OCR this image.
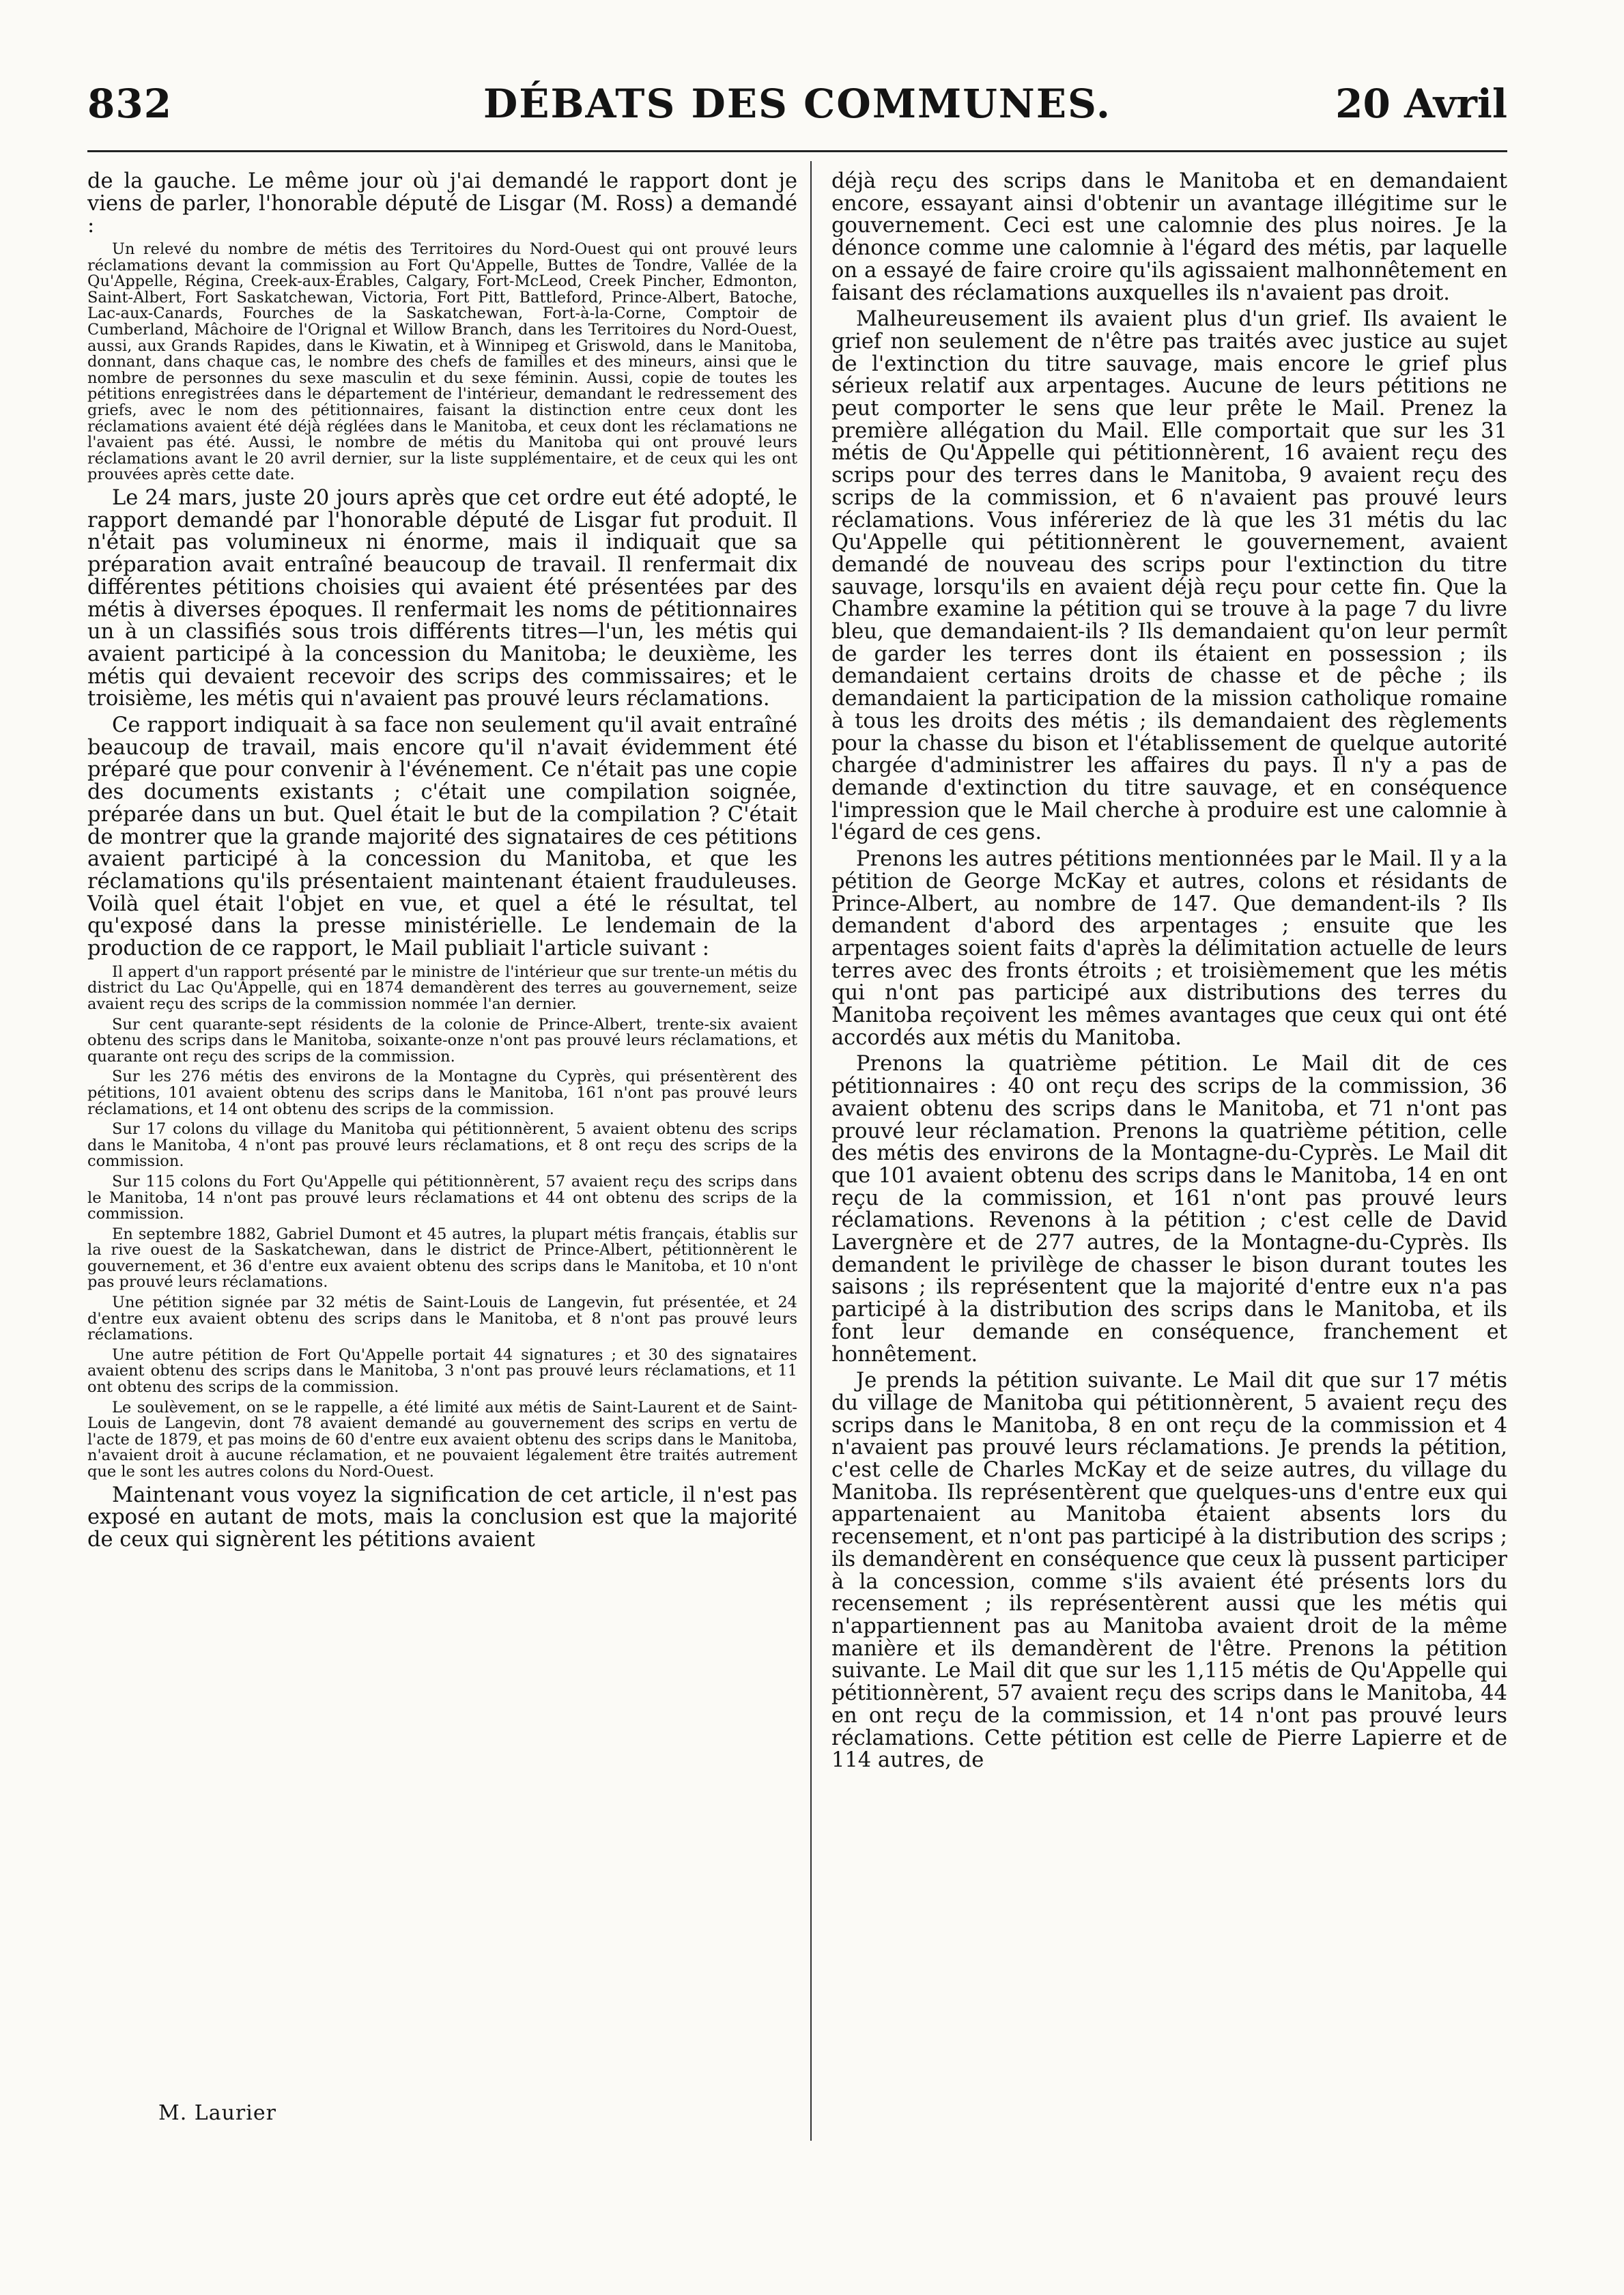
832	DÉBATS DES COMMUNES.	20 Avril

de la gauche. Le même jour où j'ai demandé le rapport dont je viens de parler, l'honorable député de Lisgar (M. Ross) a demandé :

Un relevé du nombre de métis des Territoires du Nord-Ouest qui ont prouvé leurs réclamations devant la commission au Fort Qu'Appelle, Buttes de Tondre, Vallée de la Qu'Appelle, Régina, Creek-aux-Érables, Calgary, Fort-McLeod, Creek Pincher, Edmonton, Saint-Albert, Fort Saskatchewan, Victoria, Fort Pitt, Battleford, Prince-Albert, Batoche, Lac-aux-Canards, Fourches de la Saskatchewan, Fort-à-la-Corne, Comptoir de Cumberland, Mâchoire de l'Orignal et Willow Branch, dans les Territoires du Nord-Ouest, aussi, aux Grands Rapides, dans le Kiwatin, et à Winnipeg et Griswold, dans le Manitoba, donnant, dans chaque cas, le nombre des chefs de familles et des mineurs, ainsi que le nombre de personnes du sexe masculin et du sexe féminin. Aussi, copie de toutes les pétitions enregistrées dans le département de l'intérieur, demandant le redressement des griefs, avec le nom des pétitionnaires, faisant la distinction entre ceux dont les réclamations avaient été déjà réglées dans le Manitoba, et ceux dont les réclamations ne l'avaient pas été. Aussi, le nombre de métis du Manitoba qui ont prouvé leurs réclamations avant le 20 avril dernier, sur la liste supplémentaire, et de ceux qui les ont prouvées après cette date.

Le 24 mars, juste 20 jours après que cet ordre eut été adopté, le rapport demandé par l'honorable député de Lisgar fut produit. Il n'était pas volumineux ni énorme, mais il indiquait que sa préparation avait entraîné beaucoup de travail. Il renfermait dix différentes pétitions choisies qui avaient été présentées par des métis à diverses époques. Il renfermait les noms de pétitionnaires un à un classifiés sous trois différents titres—l'un, les métis qui avaient participé à la concession du Manitoba; le deuxième, les métis qui devaient recevoir des scrips des commissaires; et le troisième, les métis qui n'avaient pas prouvé leurs réclamations.

Ce rapport indiquait à sa face non seulement qu'il avait entraîné beaucoup de travail, mais encore qu'il n'avait évidemment été préparé que pour convenir à l'événement. Ce n'était pas une copie des documents existants ; c'était une compilation soignée, préparée dans un but. Quel était le but de la compilation ? C'était de montrer que la grande majorité des signataires de ces pétitions avaient participé à la concession du Manitoba, et que les réclamations qu'ils présentaient maintenant étaient frauduleuses. Voilà quel était l'objet en vue, et quel a été le résultat, tel qu'exposé dans la presse ministérielle. Le lendemain de la production de ce rapport, le Mail publiait l'article suivant :

Il appert d'un rapport présenté par le ministre de l'intérieur que sur trente-un métis du district du Lac Qu'Appelle, qui en 1874 demandèrent des terres au gouvernement, seize avaient reçu des scrips de la commission nommée l'an dernier.

Sur cent quarante-sept résidents de la colonie de Prince-Albert, trente-six avaient obtenu des scrips dans le Manitoba, soixante-onze n'ont pas prouvé leurs réclamations, et quarante ont reçu des scrips de la commission.

Sur les 276 métis des environs de la Montagne du Cyprès, qui présentèrent des pétitions, 101 avaient obtenu des scrips dans le Manitoba, 161 n'ont pas prouvé leurs réclamations, et 14 ont obtenu des scrips de la commission.

Sur 17 colons du village du Manitoba qui pétitionnèrent, 5 avaient obtenu des scrips dans le Manitoba, 4 n'ont pas prouvé leurs réclamations, et 8 ont reçu des scrips de la commission.

Sur 115 colons du Fort Qu'Appelle qui pétitionnèrent, 57 avaient reçu des scrips dans le Manitoba, 14 n'ont pas prouvé leurs réclamations et 44 ont obtenu des scrips de la commission.

En septembre 1882, Gabriel Dumont et 45 autres, la plupart métis français, établis sur la rive ouest de la Saskatchewan, dans le district de Prince-Albert, pétitionnèrent le gouvernement, et 36 d'entre eux avaient obtenu des scrips dans le Manitoba, et 10 n'ont pas prouvé leurs réclamations.

Une pétition signée par 32 métis de Saint-Louis de Langevin, fut présentée, et 24 d'entre eux avaient obtenu des scrips dans le Manitoba, et 8 n'ont pas prouvé leurs réclamations.

Une autre pétition de Fort Qu'Appelle portait 44 signatures ; et 30 des signataires avaient obtenu des scrips dans le Manitoba, 3 n'ont pas prouvé leurs réclamations, et 11 ont obtenu des scrips de la commission.

Le soulèvement, on se le rappelle, a été limité aux métis de Saint-Laurent et de Saint-Louis de Langevin, dont 78 avaient demandé au gouvernement des scrips en vertu de l'acte de 1879, et pas moins de 60 d'entre eux avaient obtenu des scrips dans le Manitoba, n'avaient droit à aucune réclamation, et ne pouvaient légalement être traités autrement que le sont les autres colons du Nord-Ouest.

Maintenant vous voyez la signification de cet article, il n'est pas exposé en autant de mots, mais la conclusion est que la majorité de ceux qui signèrent les pétitions avaient

déjà reçu des scrips dans le Manitoba et en demandaient encore, essayant ainsi d'obtenir un avantage illégitime sur le gouvernement. Ceci est une calomnie des plus noires. Je la dénonce comme une calomnie à l'égard des métis, par laquelle on a essayé de faire croire qu'ils agissaient malhonnêtement en faisant des réclamations auxquelles ils n'avaient pas droit.

Malheureusement ils avaient plus d'un grief. Ils avaient le grief non seulement de n'être pas traités avec justice au sujet de l'extinction du titre sauvage, mais encore le grief plus sérieux relatif aux arpentages. Aucune de leurs pétitions ne peut comporter le sens que leur prête le Mail. Prenez la première allégation du Mail. Elle comportait que sur les 31 métis de Qu'Appelle qui pétitionnèrent, 16 avaient reçu des scrips pour des terres dans le Manitoba, 9 avaient reçu des scrips de la commission, et 6 n'avaient pas prouvé leurs réclamations. Vous inféreriez de là que les 31 métis du lac Qu'Appelle qui pétitionnèrent le gouvernement, avaient demandé de nouveau des scrips pour l'extinction du titre sauvage, lorsqu'ils en avaient déjà reçu pour cette fin. Que la Chambre examine la pétition qui se trouve à la page 7 du livre bleu, que demandaient-ils ? Ils demandaient qu'on leur permît de garder les terres dont ils étaient en possession ; ils demandaient certains droits de chasse et de pêche ; ils demandaient la participation de la mission catholique romaine à tous les droits des métis ; ils demandaient des règlements pour la chasse du bison et l'établissement de quelque autorité chargée d'administrer les affaires du pays. Il n'y a pas de demande d'extinction du titre sauvage, et en conséquence l'impression que le Mail cherche à produire est une calomnie à l'égard de ces gens.

Prenons les autres pétitions mentionnées par le Mail. Il y a la pétition de George McKay et autres, colons et résidants de Prince-Albert, au nombre de 147. Que demandent-ils ? Ils demandent d'abord des arpentages ; ensuite que les arpentages soient faits d'après la délimitation actuelle de leurs terres avec des fronts étroits ; et troisièmement que les métis qui n'ont pas participé aux distributions des terres du Manitoba reçoivent les mêmes avantages que ceux qui ont été accordés aux métis du Manitoba.

Prenons la quatrième pétition. Le Mail dit de ces pétitionnaires : 40 ont reçu des scrips de la commission, 36 avaient obtenu des scrips dans le Manitoba, et 71 n'ont pas prouvé leur réclamation. Prenons la quatrième pétition, celle des métis des environs de la Montagne-du-Cyprès. Le Mail dit que 101 avaient obtenu des scrips dans le Manitoba, 14 en ont reçu de la commission, et 161 n'ont pas prouvé leurs réclamations. Revenons à la pétition ; c'est celle de David Lavergnère et de 277 autres, de la Montagne-du-Cyprès. Ils demandent le privilège de chasser le bison durant toutes les saisons ; ils représentent que la majorité d'entre eux n'a pas participé à la distribution des scrips dans le Manitoba, et ils font leur demande en conséquence, franchement et honnêtement.

Je prends la pétition suivante. Le Mail dit que sur 17 métis du village de Manitoba qui pétitionnèrent, 5 avaient reçu des scrips dans le Manitoba, 8 en ont reçu de la commission et 4 n'avaient pas prouvé leurs réclamations. Je prends la pétition, c'est celle de Charles McKay et de seize autres, du village du Manitoba. Ils représentèrent que quelques-uns d'entre eux qui appartenaient au Manitoba étaient absents lors du recensement, et n'ont pas participé à la distribution des scrips ; ils demandèrent en conséquence que ceux là pussent participer à la concession, comme s'ils avaient été présents lors du recensement ; ils représentèrent aussi que les métis qui n'appartiennent pas au Manitoba avaient droit de la même manière et ils demandèrent de l'être. Prenons la pétition suivante. Le Mail dit que sur les 1,115 métis de Qu'Appelle qui pétitionnèrent, 57 avaient reçu des scrips dans le Manitoba, 44 en ont reçu de la commission, et 14 n'ont pas prouvé leurs réclamations. Cette pétition est celle de Pierre Lapierre et de 114 autres, de

M. Laurier
